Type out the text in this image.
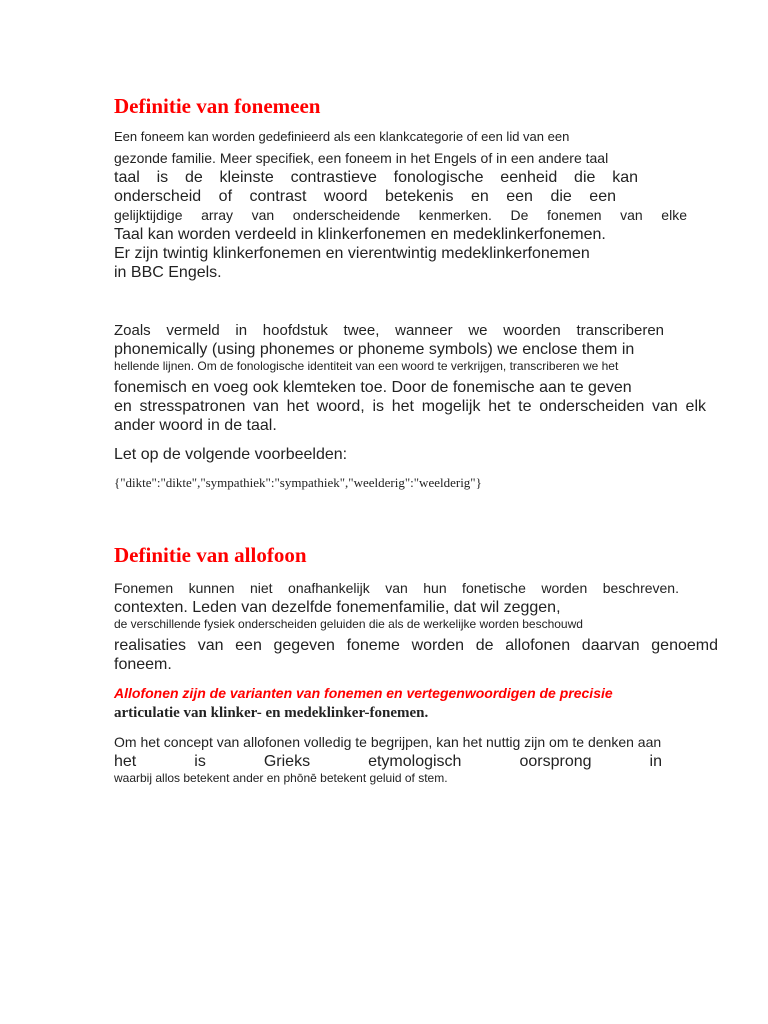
Definitie van fonemeen

Een foneem kan worden gedefinieerd als een klankcategorie of een lid van een

gezonde familie. Meer specifiek, een foneem in het Engels of in een andere taal

taal is de kleinste contrastieve fonologische eenheid die kan

onderscheid of contrast woord betekenis en een die een

gelijktijdige array van onderscheidende kenmerken. De fonemen van elke

Taal kan worden verdeeld in klinkerfonemen en medeklinkerfonemen.

Er zijn twintig klinkerfonemen en vierentwintig medeklinkerfonemen

in BBC Engels.

Zoals vermeld in hoofdstuk twee, wanneer we woorden transcriberen

phonemically (using phonemes or phoneme symbols) we enclose them in

hellende lijnen. Om de fonologische identiteit van een woord te verkrijgen, transcriberen we het

fonemisch en voeg ook klemteken toe. Door de fonemische aan te geven

en stresspatronen van het woord, is het mogelijk het te onderscheiden van elk

ander woord in de taal.

Let op de volgende voorbeelden:

{"dikte":"dikte","sympathiek":"sympathiek","weelderig":"weelderig"}

Definitie van allofoon

Fonemen kunnen niet onafhankelijk van hun fonetische worden beschreven.

contexten. Leden van dezelfde fonemenfamilie, dat wil zeggen,

de verschillende fysiek onderscheiden geluiden die als de werkelijke worden beschouwd

realisaties van een gegeven foneme worden de allofonen daarvan genoemd

foneem.

Allofonen zijn de varianten van fonemen en vertegenwoordigen de precisie

articulatie van klinker- en medeklinker-fonemen.

Om het concept van allofonen volledig te begrijpen, kan het nuttig zijn om te denken aan

het is Grieks etymologisch oorsprong in

waarbij allos betekent ander en phōnē betekent geluid of stem.
